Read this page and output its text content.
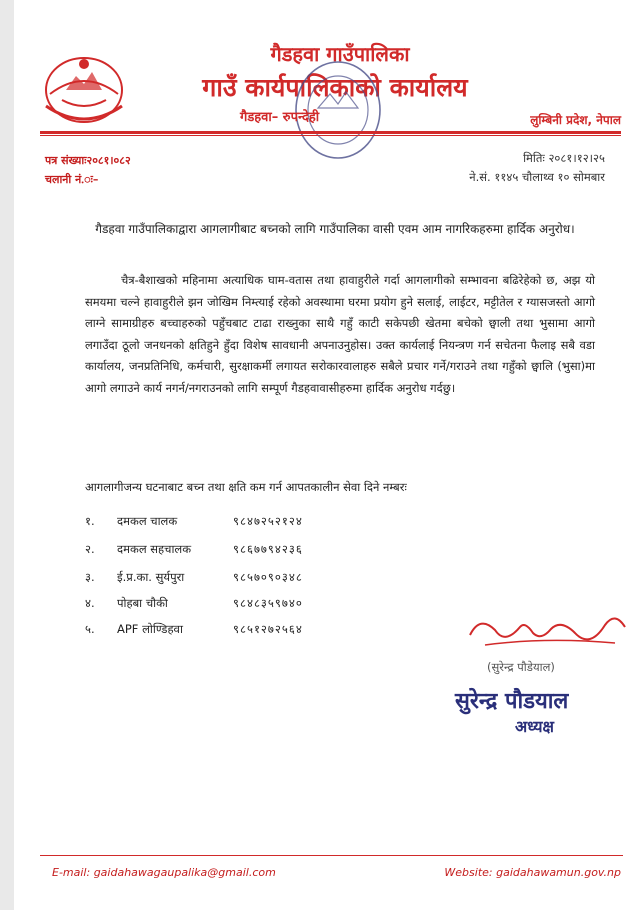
गैडहवा गाउँपालिका
गाउँ कार्यपालिकाको कार्यालय
गैडहवा– रुपन्देही	लुम्बिनी प्रदेश, नेपाल
पत्र संख्याः२०८१।०८२
चलानी नं.ः–
मितिः २०८१।१२।२५
ने.सं. ११४५ चौलाथ्व १० सोमबार
गैडहवा गाउँपालिकाद्वारा आगलागीबाट बच्नको लागि गाउँपालिका वासी एवम आम नागरिकहरुमा हार्दिक अनुरोध।

चैत्र-बैशाखको महिनामा अत्याधिक घाम-वतास तथा हावाहुरीले गर्दा आगलागीको सम्भावना बढिरेहेको छ, अझ यो समयमा चल्ने हावाहुरीले झन जोखिम निम्त्याई रहेको अवस्थामा घरमा प्रयोग हुने सलाई, लाईटर, मट्टीतेल र ग्यासजस्तो आगो लाग्ने सामाग्रीहरु बच्चाहरुको पहुँचबाट टाढा राख्नुका साथै गहुँ काटी सकेपछी खेतमा बचेको छ्वाली तथा भुसामा आगो लगाउँदा ठूलो जनधनको क्षतिहुने हुँदा विशेष सावधानी अपनाउनुहोस। उक्त कार्यलाई नियन्त्रण गर्न सचेतना फैलाइ सबै वडा कार्यालय, जनप्रतिनिधि, कर्मचारी, सुरक्षाकर्मी लगायत सरोकारवालाहरु सबैले प्रचार गर्ने/गराउने तथा गहुँको छ्वालि (भुसा)मा आगो लगाउने कार्य नगर्न/नगराउनको लागि सम्पूर्ण गैडहवावासीहरुमा हार्दिक अनुरोध गर्दछु।

आगलागीजन्य घटनाबाट बच्न तथा क्षति कम गर्न आपतकालीन सेवा दिने नम्बरः
१.	दमकल चालक	९८४७२५२१२४
२.	दमकल सहचालक	९८६७७९४२३६
३.	ई.प्र.का. सुर्यपुरा	९८५७०९०३४८
४.	पोहबा चौकी	९८४८३५९७४०
५.	APF लोण्डिहवा	९८५१२७२५६४
(सुरेन्द्र पौडेयाल)
सुरेन्द्र पौडयाल
अध्यक्ष
E-mail: gaidahawagaupalika@gmail.com	Website: gaidahawamun.gov.np
